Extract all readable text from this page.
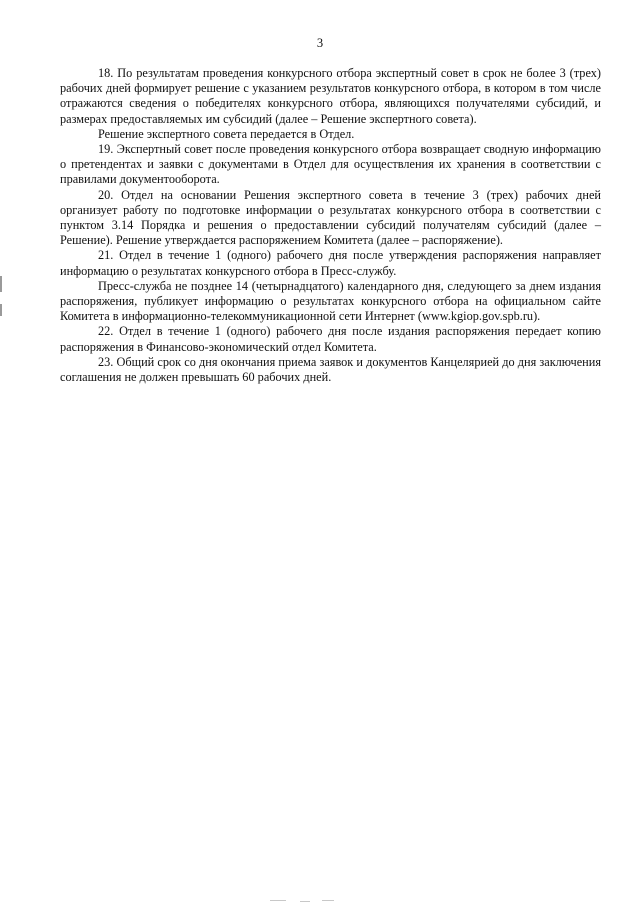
3

18. По результатам проведения конкурсного отбора экспертный совет в срок не более 3 (трех) рабочих дней формирует решение с указанием результатов конкурсного отбора, в котором в том числе отражаются сведения о победителях конкурсного отбора, являющихся получателями субсидий, и размерах предоставляемых им субсидий (далее – Решение экспертного совета).

Решение экспертного совета передается в Отдел.

19. Экспертный совет после проведения конкурсного отбора возвращает сводную информацию о претендентах и заявки с документами в Отдел для осуществления их хранения в соответствии с правилами документооборота.

20. Отдел на основании Решения экспертного совета в течение 3 (трех) рабочих дней организует работу по подготовке информации о результатах конкурсного отбора в соответствии с пунктом 3.14 Порядка и решения о предоставлении субсидий получателям субсидий (далее – Решение). Решение утверждается распоряжением Комитета (далее – распоряжение).

21. Отдел в течение 1 (одного) рабочего дня после утверждения распоряжения направляет информацию о результатах конкурсного отбора в Пресс-службу.

Пресс-служба не позднее 14 (четырнадцатого) календарного дня, следующего за днем издания распоряжения, публикует информацию о результатах конкурсного отбора на официальном сайте Комитета в информационно-телекоммуникационной сети Интернет (www.kgiop.gov.spb.ru).

22. Отдел в течение 1 (одного) рабочего дня после издания распоряжения передает копию распоряжения в Финансово-экономический отдел Комитета.

23. Общий срок со дня окончания приема заявок и документов Канцелярией до дня заключения соглашения не должен превышать 60 рабочих дней.
